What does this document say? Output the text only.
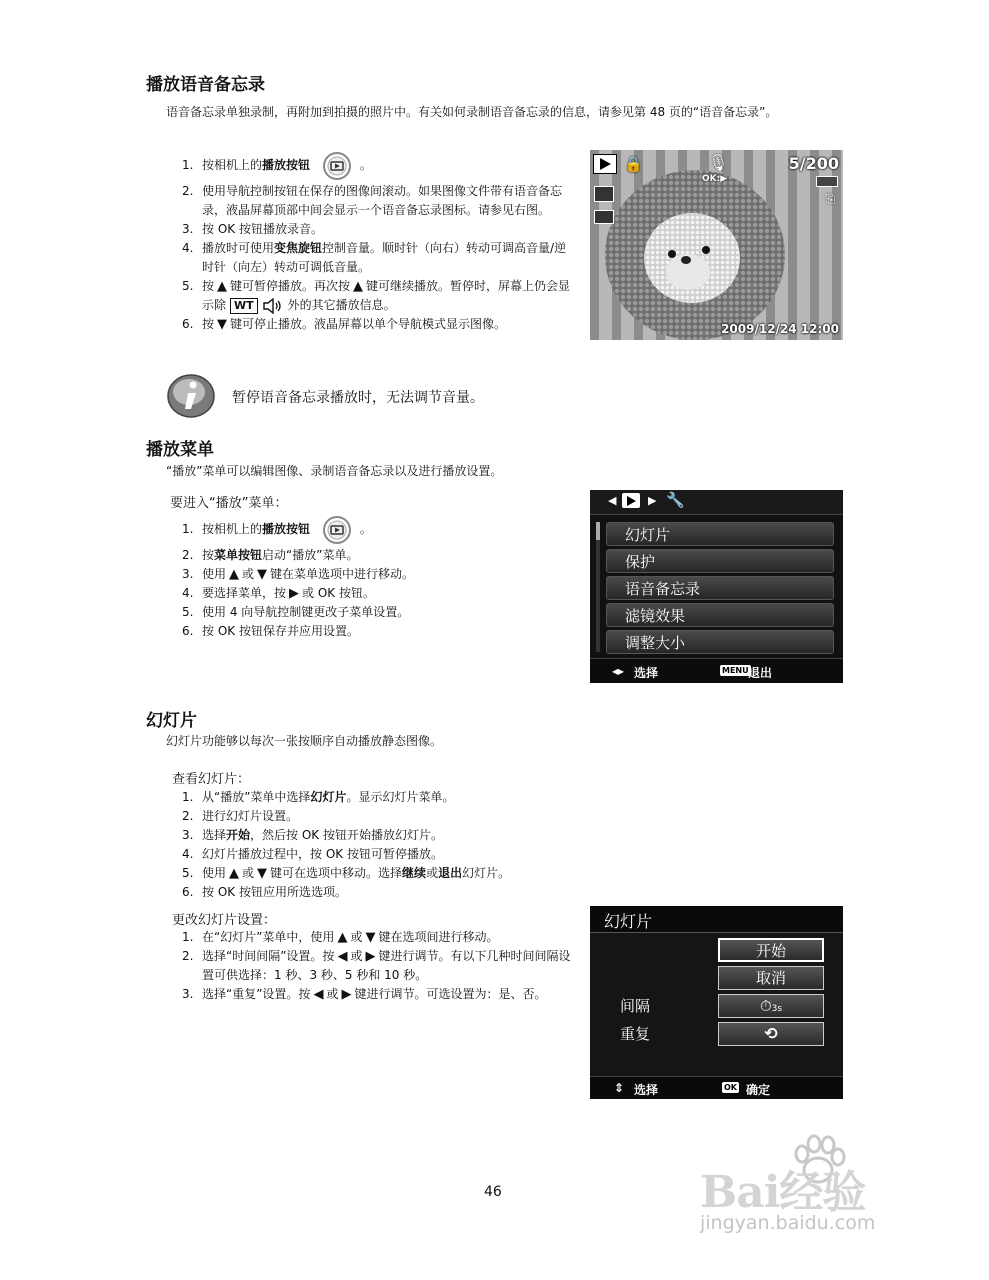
播放语音备忘录
语音备忘录单独录制，再附加到拍摄的照片中。有关如何录制语音备忘录的信息，请参见第 48 页的“语音备忘录”。
1. 按相机上的播放按钮	。
2. 使用导航控制按钮在保存的图像间滚动。如果图像文件带有语音备忘录，液晶屏幕顶部中间会显示一个语音备忘录图标。请参见右图。
3. 按 OK 按钮播放录音。
4. 播放时可使用变焦旋钮控制音量。顺时针（向右）转动可调高音量/逆时针（向左）转动可调低音量。
5. 按 ▲ 键可暂停播放。再次按 ▲ 键可继续播放。暂停时，屏幕上仍会显示除 WT	外的其它播放信息。
6. 按 ▼ 键可停止播放。液晶屏幕以单个导航模式显示图像。
🔒	🎙
OK:▶
5/200
⎘
2009/12/24 12:00
暂停语音备忘录播放时，无法调节音量。
播放菜单
“播放”菜单可以编辑图像、录制语音备忘录以及进行播放设置。
要进入“播放”菜单：
1. 按相机上的播放按钮	。
2. 按菜单按钮启动“播放”菜单。
3. 使用 ▲ 或 ▼ 键在菜单选项中进行移动。
4. 要选择菜单，按 ▶ 或 OK 按钮。
5. 使用 4 向导航控制键更改子菜单设置。
6. 按 OK 按钮保存并应用设置。
◀	▶ 🔧
幻灯片
保护
语音备忘录
滤镜效果
调整大小
◂▸ 选择	MENU 退出
幻灯片
幻灯片功能够以每次一张按顺序自动播放静态图像。
查看幻灯片：
1. 从“播放”菜单中选择幻灯片。显示幻灯片菜单。
2. 进行幻灯片设置。
3. 选择开始，然后按 OK 按钮开始播放幻灯片。
4. 幻灯片播放过程中，按 OK 按钮可暂停播放。
5. 使用 ▲ 或 ▼ 键可在选项中移动。选择继续或退出幻灯片。
6. 按 OK 按钮应用所选选项。
更改幻灯片设置：
1. 在“幻灯片”菜单中，使用 ▲ 或 ▼ 键在选项间进行移动。
2. 选择“时间间隔”设置。按 ◀ 或 ▶ 键进行调节。有以下几种时间间隔设置可供选择：1 秒、3 秒、5 秒和 10 秒。
3. 选择“重复”设置。按 ◀ 或 ▶ 键进行调节。可选设置为：是、否。
幻灯片
开始
取消
间隔	⏱3s
重复	⟲
⇕ 选择	OK 确定
46	Bai经验
jingyan.baidu.com
